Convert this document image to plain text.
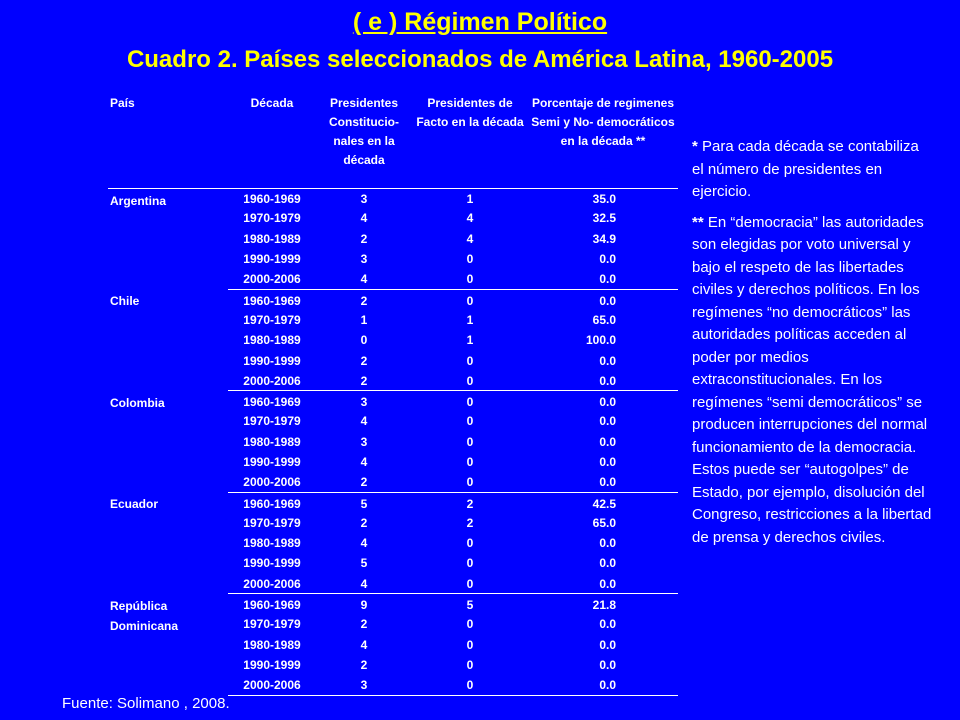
( e ) Régimen Político
Cuadro 2. Países seleccionados de América Latina, 1960-2005
País	Década	Presidentes Constitucio- nales en la década	Presidentes de Facto en la década	Porcentaje de regimenes Semi y No- democráticos en la década **
Argentina	1960-1969	3	1	35.0
	1970-1979	4	4	32.5
	1980-1989	2	4	34.9
	1990-1999	3	0	0.0
	2000-2006	4	0	0.0
Chile	1960-1969	2	0	0.0
	1970-1979	1	1	65.0
	1980-1989	0	1	100.0
	1990-1999	2	0	0.0
	2000-2006	2	0	0.0
Colombia	1960-1969	3	0	0.0
	1970-1979	4	0	0.0
	1980-1989	3	0	0.0
	1990-1999	4	0	0.0
	2000-2006	2	0	0.0
Ecuador	1960-1969	5	2	42.5
	1970-1979	2	2	65.0
	1980-1989	4	0	0.0
	1990-1999	5	0	0.0
	2000-2006	4	0	0.0
República Dominicana	1960-1969	9	5	21.8
	1970-1979	2	0	0.0
	1980-1989	4	0	0.0
	1990-1999	2	0	0.0
	2000-2006	3	0	0.0

* Para cada década se contabiliza el número de presidentes en ejercicio.

** En “democracia” las autoridades son elegidas por voto universal y bajo el respeto de las libertades civiles y derechos políticos. En los regímenes “no democráticos” las autoridades políticas acceden al poder por medios extraconstitucionales. En los regímenes “semi democráticos” se producen interrupciones del normal funcionamiento de la democracia. Estos puede ser “autogolpes” de Estado, por ejemplo, disolución del Congreso, restricciones a la libertad de prensa y derechos civiles.

Fuente: Solimano , 2008.
